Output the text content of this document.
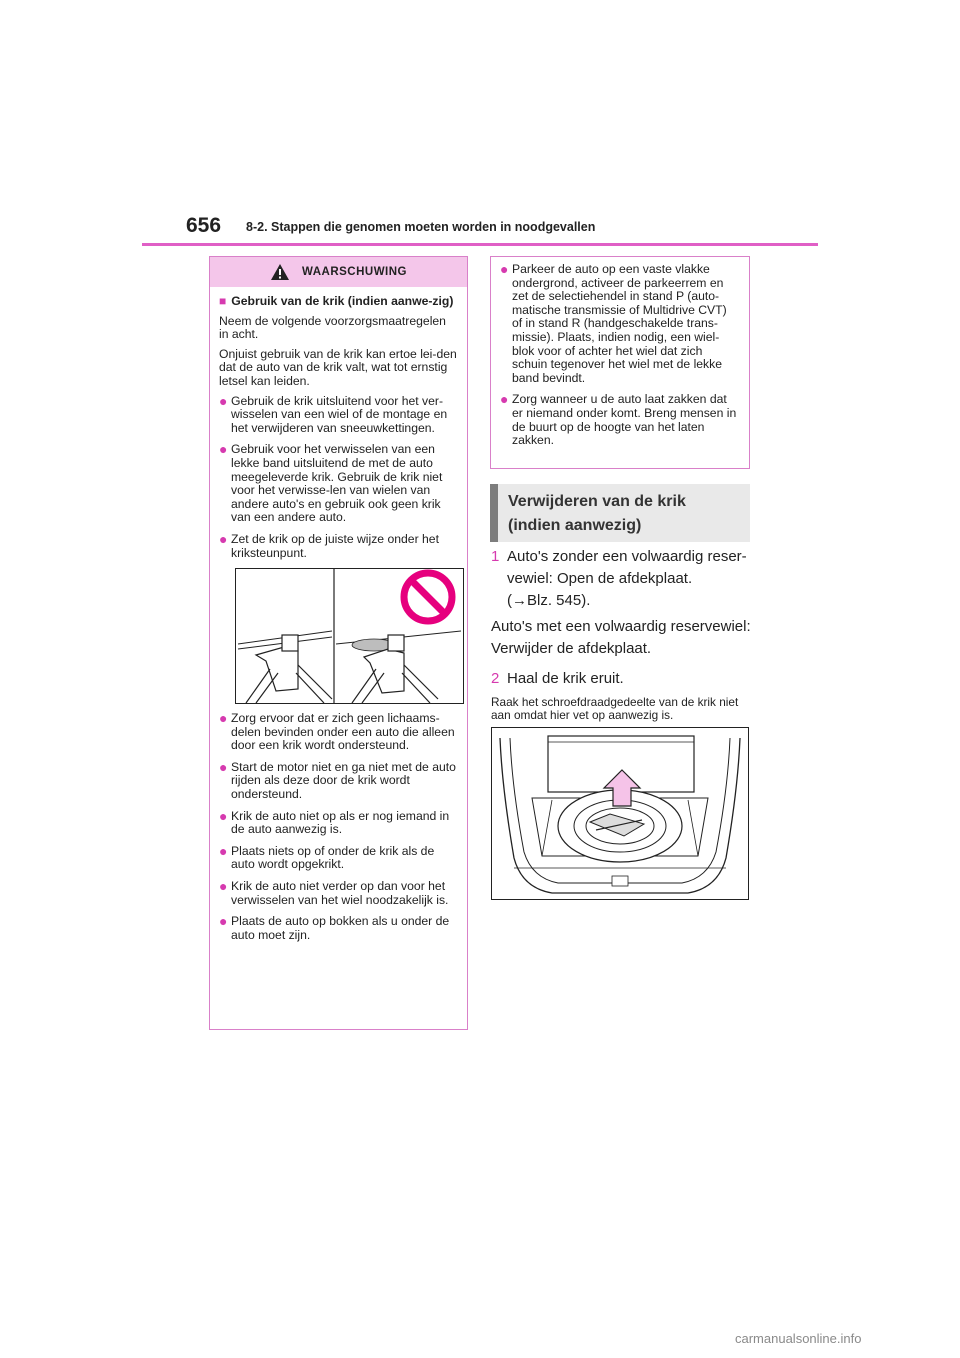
656 8-2. Stappen die genomen moeten worden in noodgevallen
WAARSCHUWING
■ Gebruik van de krik (indien aanwe-zig)

Neem de volgende voorzorgsmaatregelen in acht.

Onjuist gebruik van de krik kan ertoe lei-den dat de auto van de krik valt, wat tot ernstig letsel kan leiden.

● Gebruik de krik uitsluitend voor het ver-wisselen van een wiel of de montage en het verwijderen van sneeuwkettingen.
● Gebruik voor het verwisselen van een lekke band uitsluitend de met de auto meegeleverde krik. Gebruik de krik niet voor het verwisse-len van wielen van andere auto's en gebruik ook geen krik van een andere auto.
● Zet de krik op de juiste wijze onder het kriksteunpunt.
● Zorg ervoor dat er zich geen lichaams-delen bevinden onder een auto die alleen door een krik wordt ondersteund.
● Start de motor niet en ga niet met de auto rijden als deze door de krik wordt ondersteund.
● Krik de auto niet op als er nog iemand in de auto aanwezig is.
● Plaats niets op of onder de krik als de auto wordt opgekrikt.
● Krik de auto niet verder op dan voor het verwisselen van het wiel noodzakelijk is.
● Plaats de auto op bokken als u onder de auto moet zijn.
● Parkeer de auto op een vaste vlakke ondergrond, activeer de parkeerrem en zet de selectiehendel in stand P (auto-matische transmissie of Multidrive CVT) of in stand R (handgeschakelde trans-missie). Plaats, indien nodig, een wiel-blok voor of achter het wiel dat zich schuin tegenover het wiel met de lekke band bevindt.
● Zorg wanneer u de auto laat zakken dat er niemand onder komt. Breng mensen in de buurt op de hoogte van het laten zakken.
Verwijderen van de krik (indien aanwezig)
1 Auto's zonder een volwaardig reser-vewiel: Open de afdekplaat.
(→Blz. 545).

Auto's met een volwaardig reservewiel: Verwijder de afdekplaat.

2 Haal de krik eruit.

Raak het schroefdraadgedeelte van de krik niet aan omdat hier vet op aanwezig is.

carmanualsonline.info
